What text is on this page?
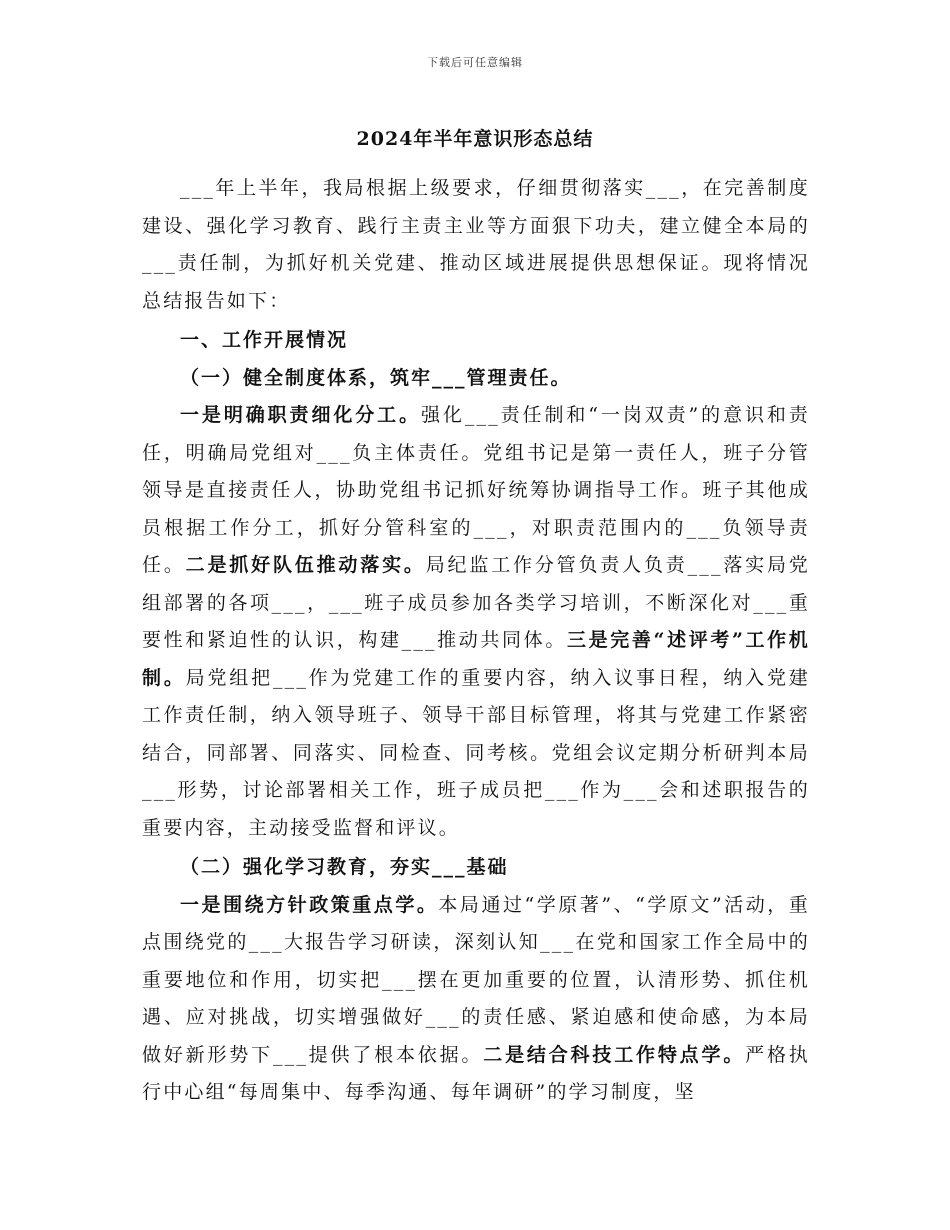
下载后可任意编辑
2024年半年意识形态总结

___年上半年，我局根据上级要求，仔细贯彻落实___，在完善制度建设、强化学习教育、践行主责主业等方面狠下功夫，建立健全本局的___责任制，为抓好机关党建、推动区域进展提供思想保证。现将情况总结报告如下：

一、工作开展情况

（一）健全制度体系，筑牢___管理责任。

一是明确职责细化分工。强化___责任制和“一岗双责”的意识和责任，明确局党组对___负主体责任。党组书记是第一责任人，班子分管领导是直接责任人，协助党组书记抓好统筹协调指导工作。班子其他成员根据工作分工，抓好分管科室的___，对职责范围内的___负领导责任。二是抓好队伍推动落实。局纪监工作分管负责人负责___落实局党组部署的各项___，___班子成员参加各类学习培训，不断深化对___重要性和紧迫性的认识，构建___推动共同体。三是完善“述评考”工作机制。局党组把___作为党建工作的重要内容，纳入议事日程，纳入党建工作责任制，纳入领导班子、领导干部目标管理，将其与党建工作紧密结合，同部署、同落实、同检查、同考核。党组会议定期分析研判本局___形势，讨论部署相关工作，班子成员把___作为___会和述职报告的重要内容，主动接受监督和评议。

（二）强化学习教育，夯实___基础

一是围绕方针政策重点学。本局通过“学原著”、“学原文”活动，重点围绕党的___大报告学习研读，深刻认知___在党和国家工作全局中的重要地位和作用，切实把___摆在更加重要的位置，认清形势、抓住机遇、应对挑战，切实增强做好___的责任感、紧迫感和使命感，为本局做好新形势下___提供了根本依据。二是结合科技工作特点学。严格执行中心组“每周集中、每季沟通、每年调研”的学习制度，坚
